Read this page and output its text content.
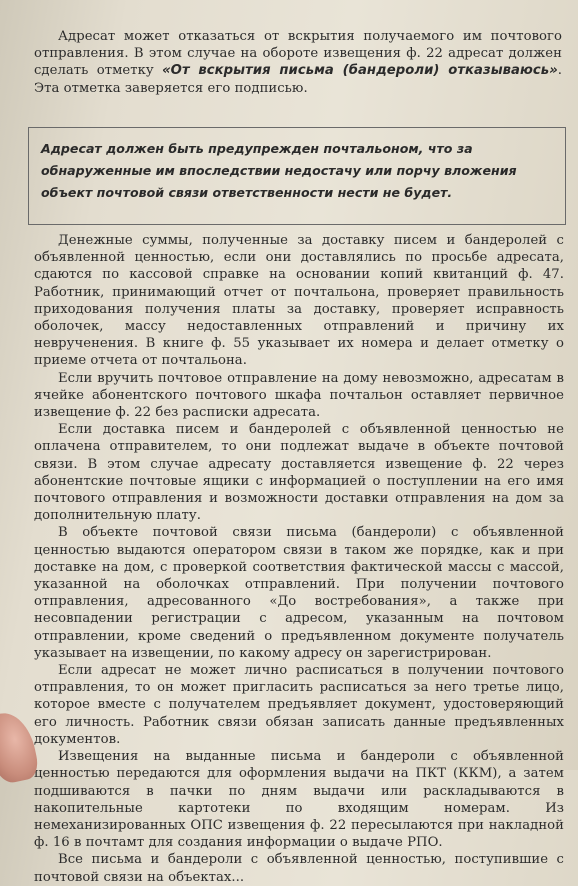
Адресат может отказаться от вскрытия получаемого им почтового отправления. В этом случае на обороте извещения ф. 22 адресат должен сделать отметку «От вскрытия письма (бандероли) отказываюсь». Эта отметка заверяется его подписью.

Адресат должен быть предупрежден почтальоном, что за обнаруженные им впоследствии недостачу или порчу вложения объект почтовой связи ответственности нести не будет.

Денежные суммы, полученные за доставку писем и бандеролей с объявленной ценностью, если они доставлялись по просьбе адресата, сдаются по кассовой справке на основании копий квитанций ф. 47. Работник, принимающий отчет от почтальона, проверяет правильность приходования получения платы за доставку, проверяет исправность оболочек, массу недоставленных отправлений и причину их неврученения. В книге ф. 55 указывает их номера и делает отметку о приеме отчета от почтальона.

Если вручить почтовое отправление на дому невозможно, адресатам в ячейке абонентского почтового шкафа почтальон оставляет первичное извещение ф. 22 без расписки адресата.

Если доставка писем и бандеролей с объявленной ценностью не оплачена отправителем, то они подлежат выдаче в объекте почтовой связи. В этом случае адресату доставляется извещение ф. 22 через абонентские почтовые ящики с информацией о поступлении на его имя почтового отправления и возможности доставки отправления на дом за дополнительную плату.

В объекте почтовой связи письма (бандероли) с объявленной ценностью выдаются оператором связи в таком же порядке, как и при доставке на дом, с проверкой соответствия фактической массы с массой, указанной на оболочках отправлений. При получении почтового отправления, адресованного «До востребования», а также при несовпадении регистрации с адресом, указанным на почтовом отправлении, кроме сведений о предъявленном документе получатель указывает на извещении, по какому адресу он зарегистрирован.

Если адресат не может лично расписаться в получении почтового отправления, то он может пригласить расписаться за него третье лицо, которое вместе с получателем предъявляет документ, удостоверяющий его личность. Работник связи обязан записать данные предъявленных документов.

Извещения на выданные письма и бандероли с объявленной ценностью передаются для оформления выдачи на ПКТ (ККМ), а затем подшиваются в пачки по дням выдачи или раскладываются в накопительные картотеки по входящим номерам. Из немеханизированных ОПС извещения ф. 22 пересылаются при накладной ф. 16 в почтамт для создания информации о выдаче РПО.

Все письма и бандероли с объявленной ценностью, поступившие с почтовой связи на объектах...
